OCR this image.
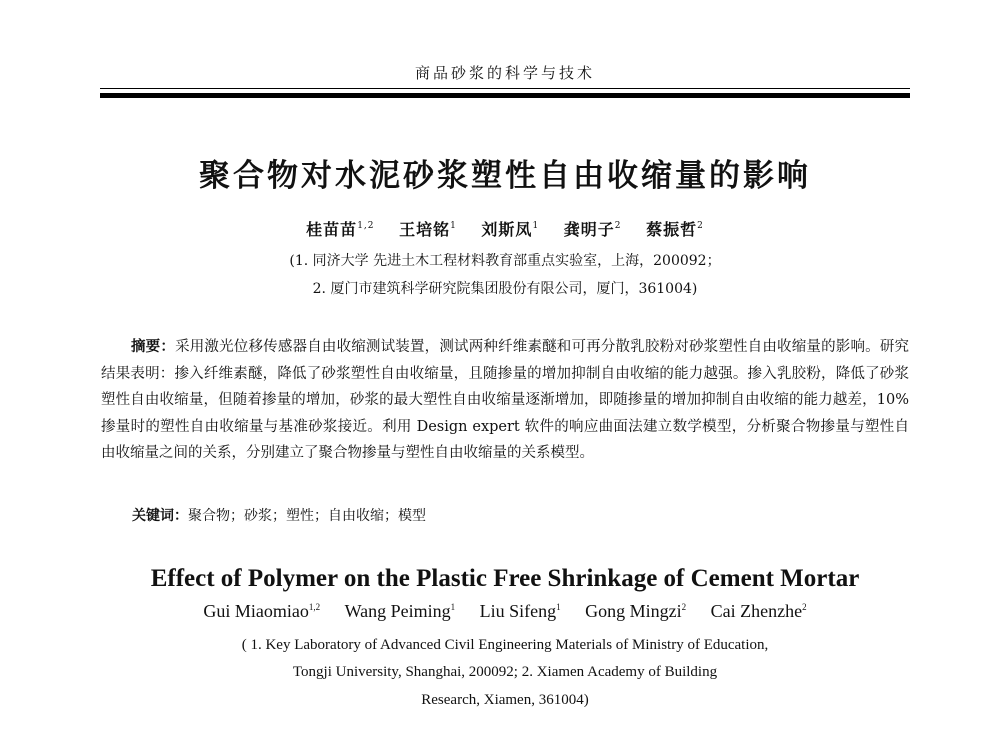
商品砂浆的科学与技术
聚合物对水泥砂浆塑性自由收缩量的影响
桂苗苗$^{1,2}$ 王培铭$^1$ 刘斯凤$^1$ 龚明子$^2$ 蔡振哲$^2$
(1. 同济大学 先进土木工程材料教育部重点实验室，上海，200092；
2. 厦门市建筑科学研究院集团股份有限公司，厦门，361004)
摘要：采用激光位移传感器自由收缩测试装置，测试两种纤维素醚和可再分散乳胶粉对砂浆塑性自由收缩量的影响。研究结果表明：掺入纤维素醚，降低了砂浆塑性自由收缩量，且随掺量的增加抑制自由收缩的能力越强。掺入乳胶粉，降低了砂浆塑性自由收缩量，但随着掺量的增加，砂浆的最大塑性自由收缩量逐渐增加，即随掺量的增加抑制自由收缩的能力越差，10%掺量时的塑性自由收缩量与基准砂浆接近。利用 Design expert 软件的响应曲面法建立数学模型，分析聚合物掺量与塑性自由收缩量之间的关系，分别建立了聚合物掺量与塑性自由收缩量的关系模型。
关键词：聚合物；砂浆；塑性；自由收缩；模型
Effect of Polymer on the Plastic Free Shrinkage of Cement Mortar
Gui Miaomiao$^{1,2}$ Wang Peiming$^1$ Liu Sifeng$^1$ Gong Mingzi$^2$ Cai Zhenzhe$^2$
( 1. Key Laboratory of Advanced Civil Engineering Materials of Ministry of Education,
Tongji University, Shanghai, 200092; 2. Xiamen Academy of Building
Research, Xiamen, 361004)
